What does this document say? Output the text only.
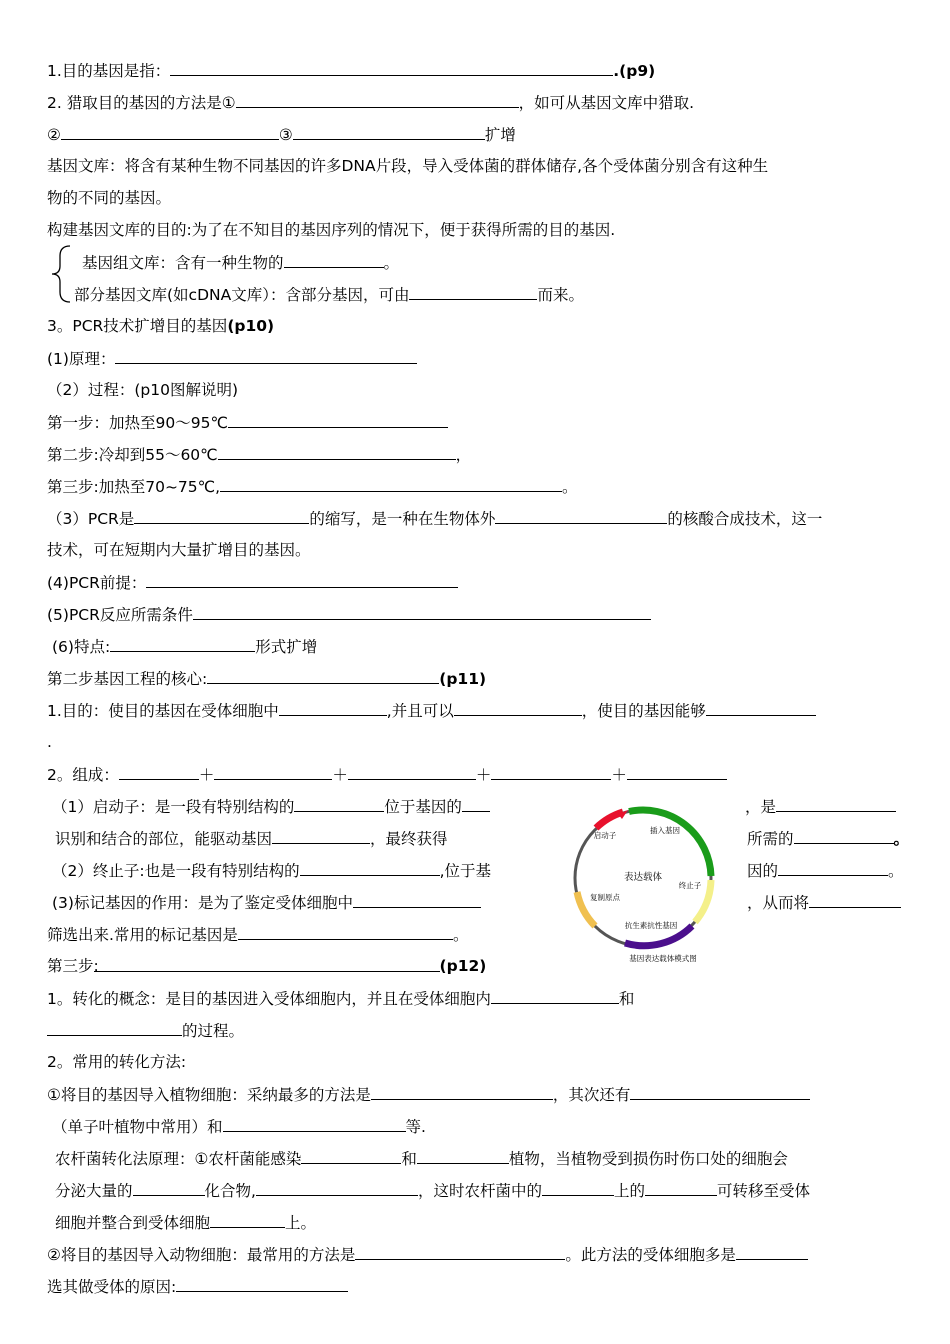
1.目的基因是指：	.(p9)
2. 猎取目的基因的方法是①	，如可从基因文库中猎取.
②	③	扩增
基因文库：将含有某种生物不同基因的许多DNA片段，导入受体菌的群体储存,各个受体菌分别含有这种生
物的不同的基因。
构建基因文库的目的:为了在不知目的基因序列的情况下，便于获得所需的目的基因.
基因组文库：含有一种生物的	。
部分基因文库(如cDNA文库）：含部分基因，可由	而来。
3。PCR技术扩增目的基因(p10)
(1)原理：
（2）过程：(p10图解说明)
第一步：加热至90～95℃
第二步:冷却到55～60℃	，
第三步:加热至70~75℃,	。
（3）PCR是	的缩写，是一种在生物体外	的核酸合成技术，这一
技术，可在短期内大量扩增目的基因。
(4)PCR前提：
(5)PCR反应所需条件
(6)特点:	形式扩增
第二步基因工程的核心:	(p11)
1.目的：使目的基因在受体细胞中	,并且可以	，使目的基因能够
.
2。组成：	＋	＋	＋	＋
（1）启动子：是一段有特别结构的	位于基因的	，是
识别和结合的部位，能驱动基因	，最终获得	所需的	。
（2）终止子:也是一段有特别结构的	,位于基	因的	。
(3)标记基因的作用：是为了鉴定受体细胞中	，从而将
筛选出来.常用的标记基因是	。
表达载体
启动子
插入基因
终止子
复制原点
抗生素抗性基因
基因表达载体模式图
第三步:	(p12)
1。转化的概念：是目的基因进入受体细胞内，并且在受体细胞内	和
的过程。
2。常用的转化方法:
①将目的基因导入植物细胞：采纳最多的方法是	，其次还有
（单子叶植物中常用）和	等.
农杆菌转化法原理：①农杆菌能感染	和	植物，当植物受到损伤时伤口处的细胞会
分泌大量的	化合物,	，这时农杆菌中的	上的	可转移至受体
细胞并整合到受体细胞	上。
②将目的基因导入动物细胞：最常用的方法是	。此方法的受体细胞多是
选其做受体的原因:
